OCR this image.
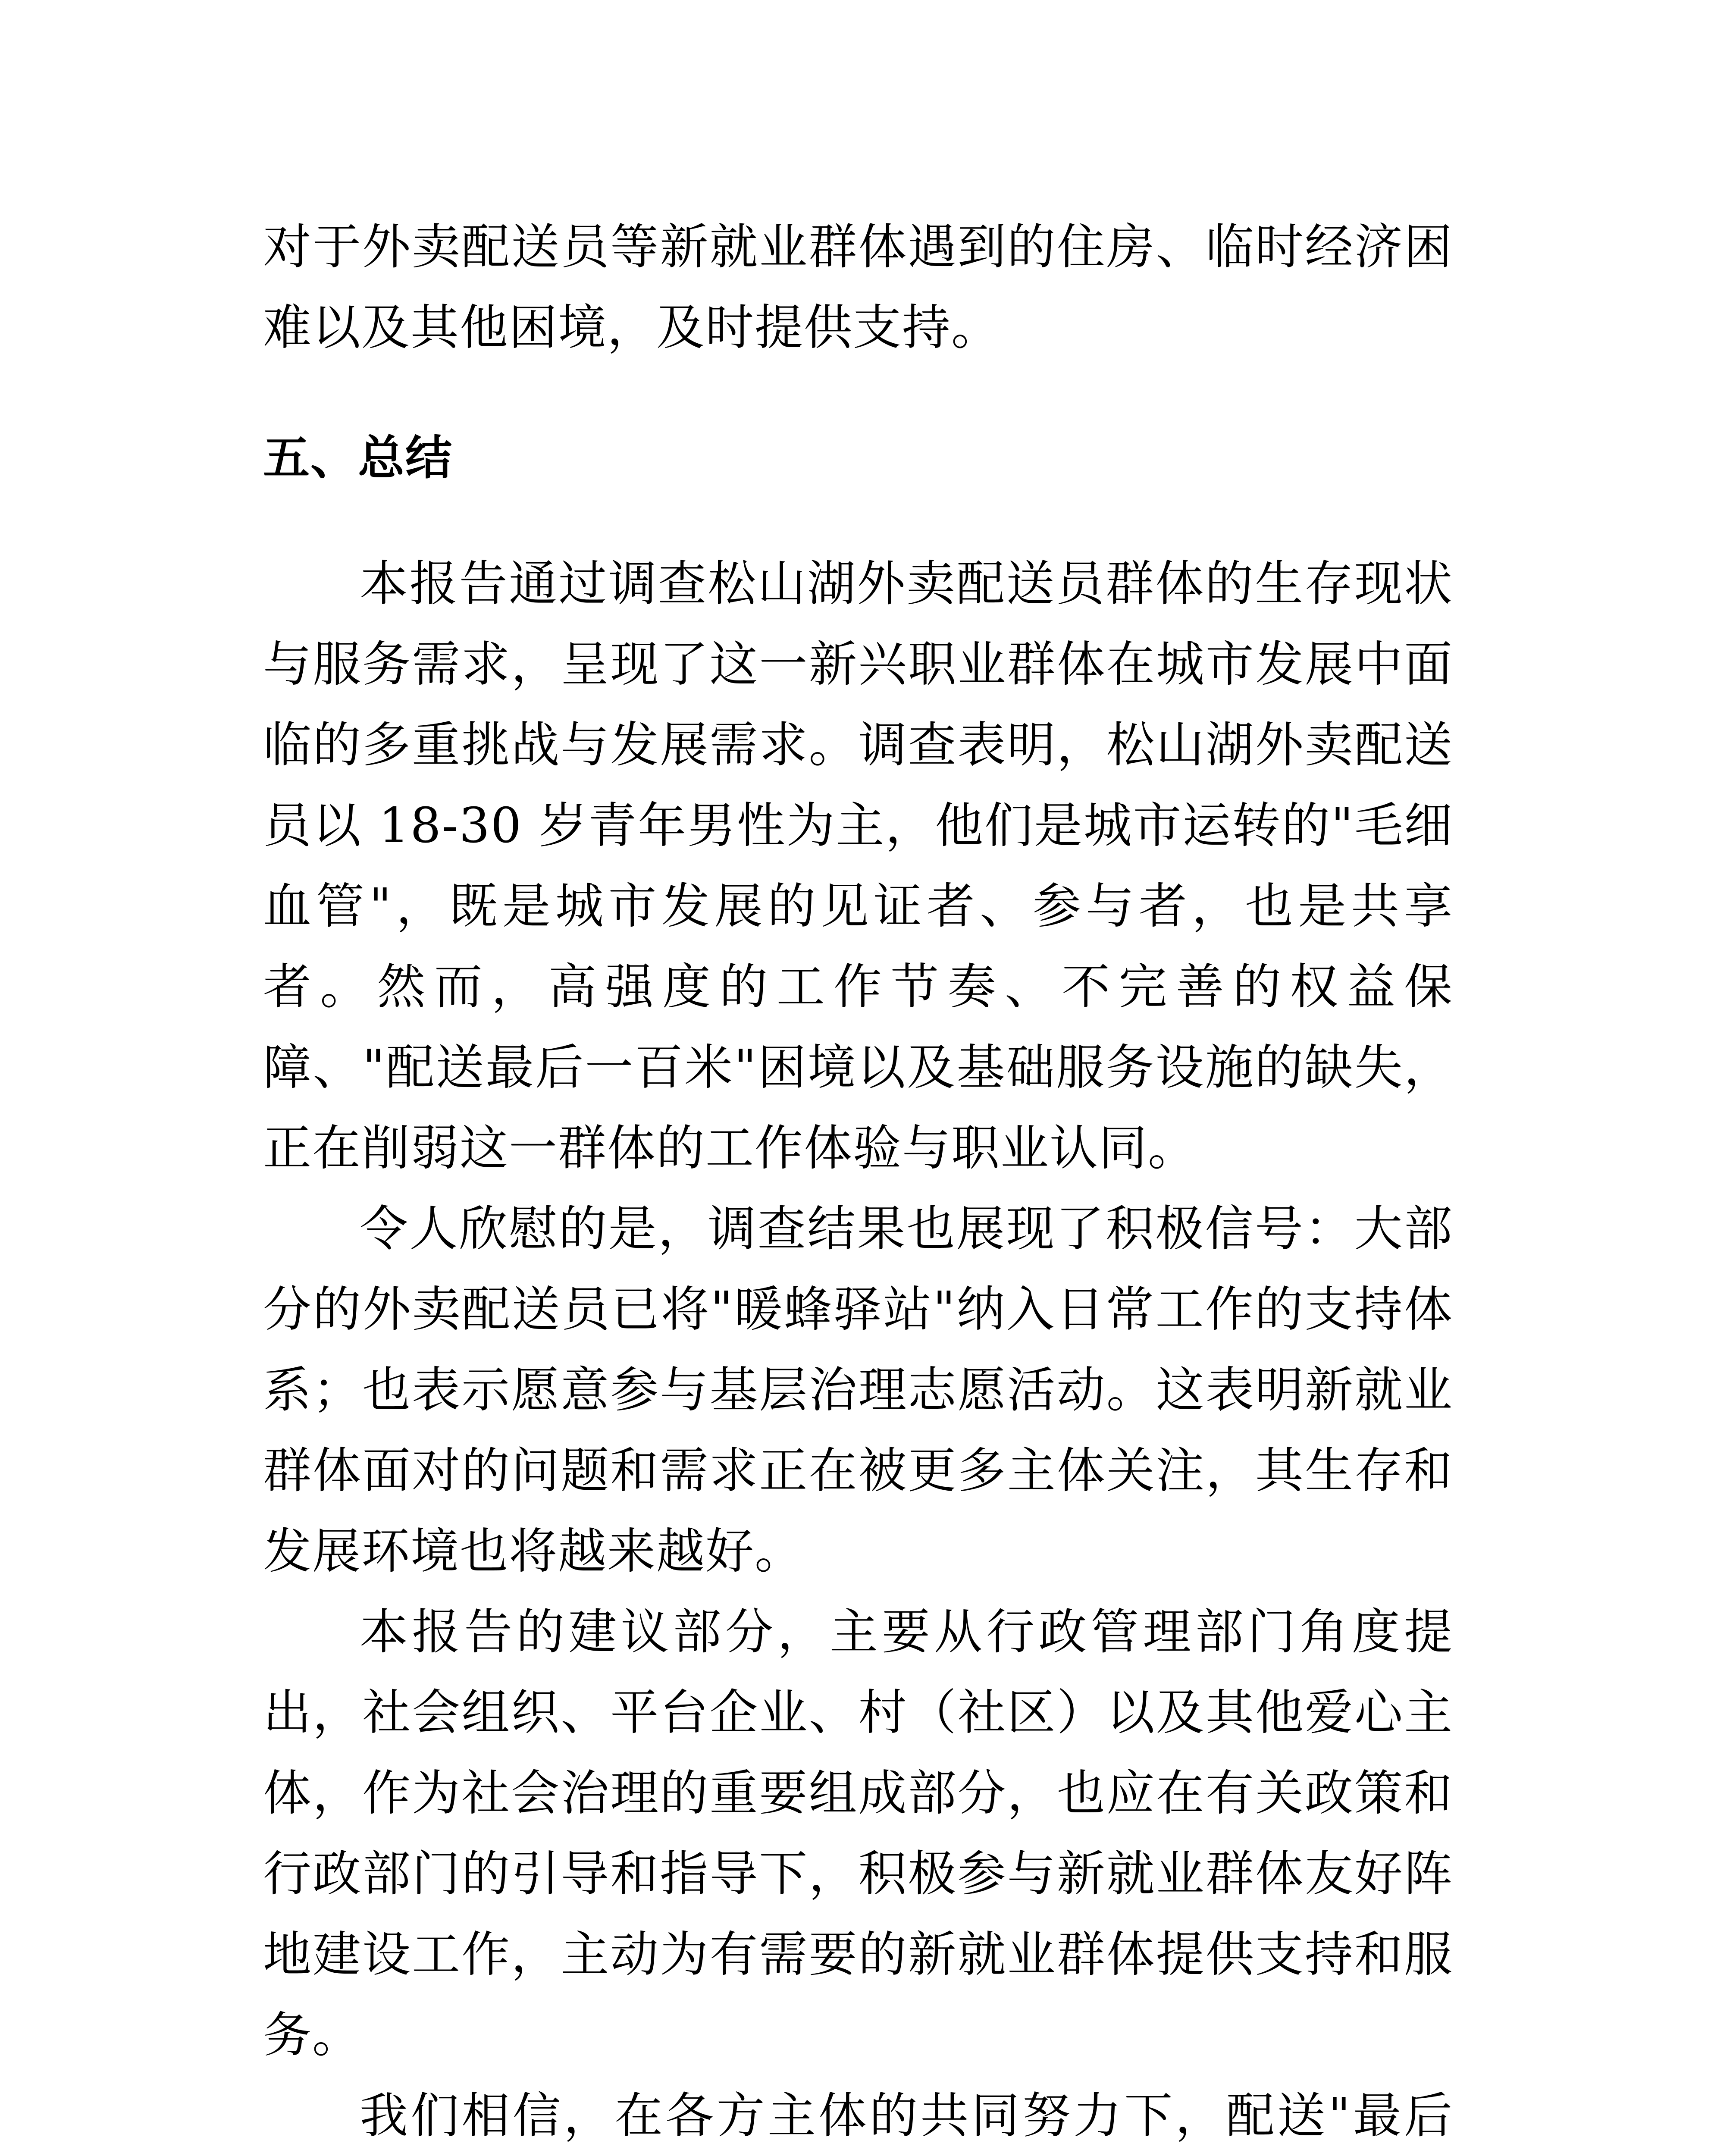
对于外卖配送员等新就业群体遇到的住房、临时经济困难以及其他困境，及时提供支持。

五、总结

本报告通过调查松山湖外卖配送员群体的生存现状与服务需求，呈现了这一新兴职业群体在城市发展中面临的多重挑战与发展需求。调查表明，松山湖外卖配送员以 18-30 岁青年男性为主，他们是城市运转的"毛细血管"，既是城市发展的见证者、参与者，也是共享者。然而，高强度的工作节奏、不完善的权益保障、"配送最后一百米"困境以及基础服务设施的缺失，正在削弱这一群体的工作体验与职业认同。

令人欣慰的是，调查结果也展现了积极信号：大部分的外卖配送员已将"暖蜂驿站"纳入日常工作的支持体系；也表示愿意参与基层治理志愿活动。这表明新就业群体面对的问题和需求正在被更多主体关注，其生存和发展环境也将越来越好。

本报告的建议部分，主要从行政管理部门角度提出，社会组织、平台企业、村（社区）以及其他爱心主体，作为社会治理的重要组成部分，也应在有关政策和行政部门的引导和指导下，积极参与新就业群体友好阵地建设工作，主动为有需要的新就业群体提供支持和服务。

我们相信，在各方主体的共同努力下，配送"最后
